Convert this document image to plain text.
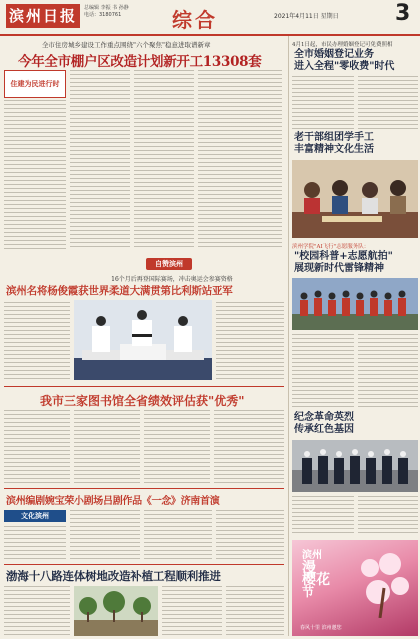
滨州日报	总编辑 李振 书 孙静
电话：3180761	综合	2021年4月11日 星期日	3
全市住房城乡建设工作重点围绕"六个聚焦"稳意进取谱新章
今年全市棚户区改造计划新开工13308套
住建为民进行时
4月1日起，市民办理婚姻登记可免费照相
全市婚姻登记业务
进入全程"零收费"时代
老干部组团学手工
丰富精神文化生活
滨州学院"AI飞行"志愿服务队：
"校园科普+志愿航拍"
展现新时代雷锋精神
纪念革命英烈
传承红色基因
滨州
漫
樱花
节
春风十里 滨州邀您
自赞滨州
16个月后再登国际赛场，冲击奥运会参赛资格
滨州名将杨俊霞获世界柔道大满贯第比利斯站亚军
我市三家图书馆全省绩效评估获"优秀"
滨州编剧婉宝荣小剧场吕剧作品《一念》济南首演
文化滨州
渤海十八路连体树地改造补植工程顺利推进
